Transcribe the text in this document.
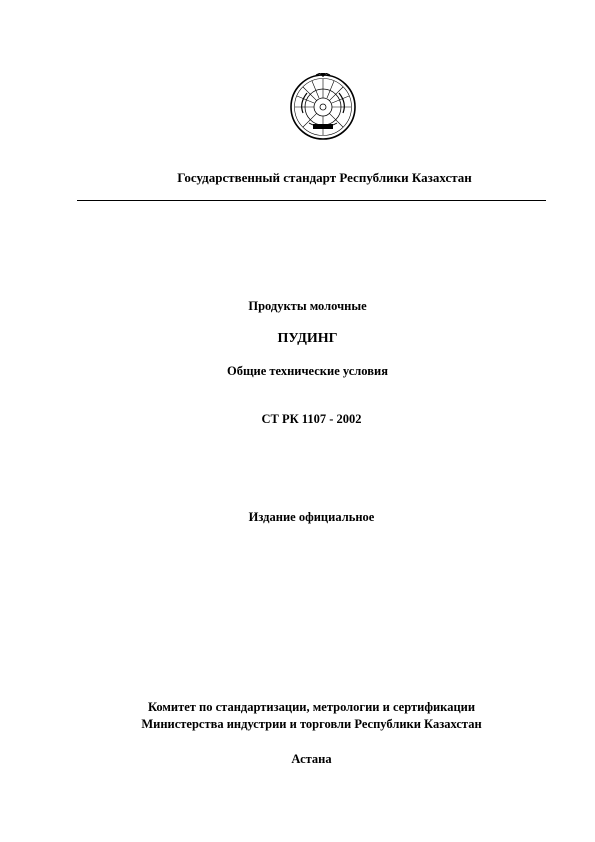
Государственный стандарт Республики Казахстан
Продукты молочные
ПУДИНГ
Общие технические условия
СТ РК 1107 - 2002
Издание официальное
Комитет по стандартизации, метрологии и сертификации
Министерства индустрии и торговли Республики Казахстан
Астана
